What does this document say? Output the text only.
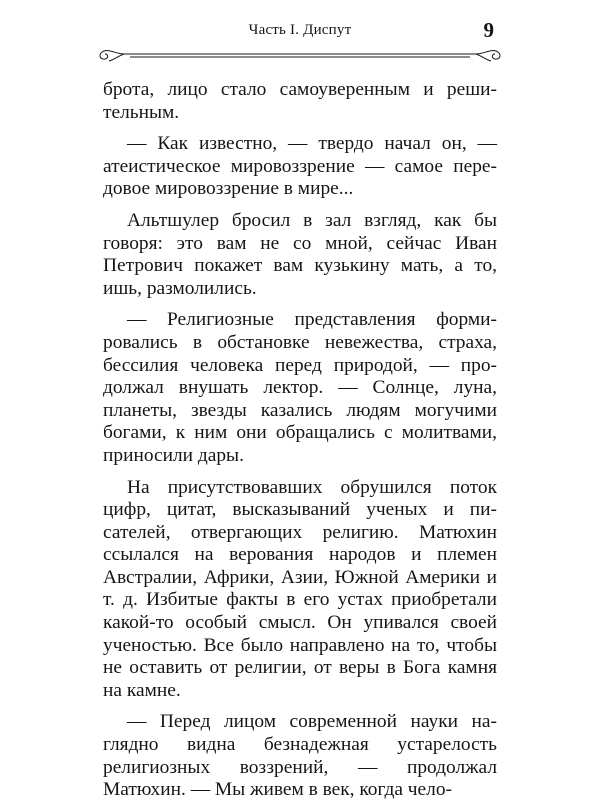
Часть I. Диспут	9

брота, лицо стало самоуверенным и решительным.

— Как известно, — твердо начал он, — атеистическое мировоззрение — самое передовое мировоззрение в мире...

Альтшулер бросил в зал взгляд, как бы говоря: это вам не со мной, сейчас Иван Петрович покажет вам кузькину мать, а то, ишь, размолились.

— Религиозные представления формировались в обстановке невежества, страха, бессилия человека перед природой, — продолжал внушать лектор. — Солнце, луна, планеты, звезды казались людям могучими богами, к ним они обращались с молитвами, приносили дары.

На присутствовавших обрушился поток цифр, цитат, высказываний ученых и писателей, отвергающих религию. Матюхин ссылался на верования народов и племен Австралии, Африки, Азии, Южной Америки и т. д. Избитые факты в его устах приобретали какой-то особый смысл. Он упивался своей ученостью. Все было направлено на то, чтобы не оставить от религии, от веры в Бога камня на камне.

— Перед лицом современной науки наглядно видна безнадежная устарелость религиозных воззрений, — продолжал Матюхин. — Мы живем в век, когда чело-
